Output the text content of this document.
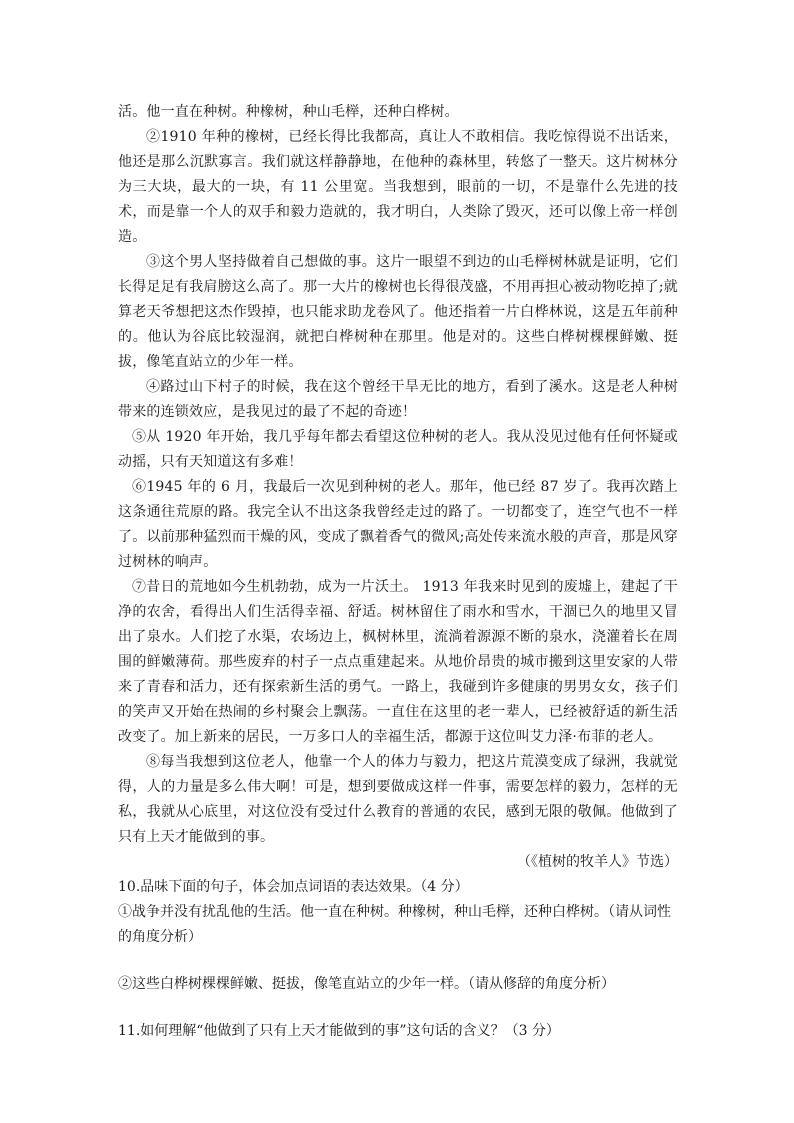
活。他一直在种树。种橡树，种山毛榉，还种白桦树。

②1910 年种的橡树，已经长得比我都高，真让人不敢相信。我吃惊得说不出话来，他还是那么沉默寡言。我们就这样静静地，在他种的森林里，转悠了一整天。这片树林分为三大块，最大的一块，有 11 公里宽。当我想到，眼前的一切，不是靠什么先进的技术，而是靠一个人的双手和毅力造就的，我才明白，人类除了毁灭，还可以像上帝一样创造。

③这个男人坚持做着自己想做的事。这片一眼望不到边的山毛榉树林就是证明，它们长得足足有我肩膀这么高了。那一大片的橡树也长得很茂盛，不用再担心被动物吃掉了;就算老天爷想把这杰作毁掉，也只能求助龙卷风了。他还指着一片白桦林说，这是五年前种的。他认为谷底比较湿润，就把白桦树种在那里。他是对的。这些白桦树棵棵鲜嫩、挺拔，像笔直站立的少年一样。

④路过山下村子的时候，我在这个曾经干旱无比的地方，看到了溪水。这是老人种树带来的连锁效应，是我见过的最了不起的奇迹！

⑤从 1920 年开始，我几乎每年都去看望这位种树的老人。我从没见过他有任何怀疑或动摇，只有天知道这有多难！

⑥1945 年的 6 月，我最后一次见到种树的老人。那年，他已经 87 岁了。我再次踏上这条通往荒原的路。我完全认不出这条我曾经走过的路了。一切都变了，连空气也不一样了。以前那种猛烈而干燥的风，变成了飘着香气的微风;高处传来流水般的声音，那是风穿过树林的响声。

⑦昔日的荒地如今生机勃勃，成为一片沃土。 1913 年我来时见到的废墟上，建起了干净的农舍，看得出人们生活得幸福、舒适。树林留住了雨水和雪水，干涸已久的地里又冒出了泉水。人们挖了水渠，农场边上，枫树林里，流淌着源源不断的泉水，浇灌着长在周围的鲜嫩薄荷。那些废弃的村子一点点重建起来。从地价昂贵的城市搬到这里安家的人带来了青春和活力，还有探索新生活的勇气。一路上，我碰到许多健康的男男女女，孩子们的笑声又开始在热闹的乡村聚会上飘荡。一直住在这里的老一辈人，已经被舒适的新生活改变了。加上新来的居民，一万多口人的幸福生活，都源于这位叫艾力泽·布菲的老人。

⑧每当我想到这位老人，他靠一个人的体力与毅力，把这片荒漠变成了绿洲，我就觉得，人的力量是多么伟大啊！可是，想到要做成这样一件事，需要怎样的毅力，怎样的无私，我就从心底里，对这位没有受过什么教育的普通的农民，感到无限的敬佩。他做到了只有上天才能做到的事。

（《植树的牧羊人》节选）

10.品味下面的句子，体会加点词语的表达效果。（4 分）

①战争并没有扰乱他的生活。他一直在种树。种橡树，种山毛榉，还种白桦树。（请从词性的角度分析）

②这些白桦树棵棵鲜嫩、挺拔，像笔直站立的少年一样。（请从修辞的角度分析）

11.如何理解“他做到了只有上天才能做到的事”这句话的含义？（3 分）
